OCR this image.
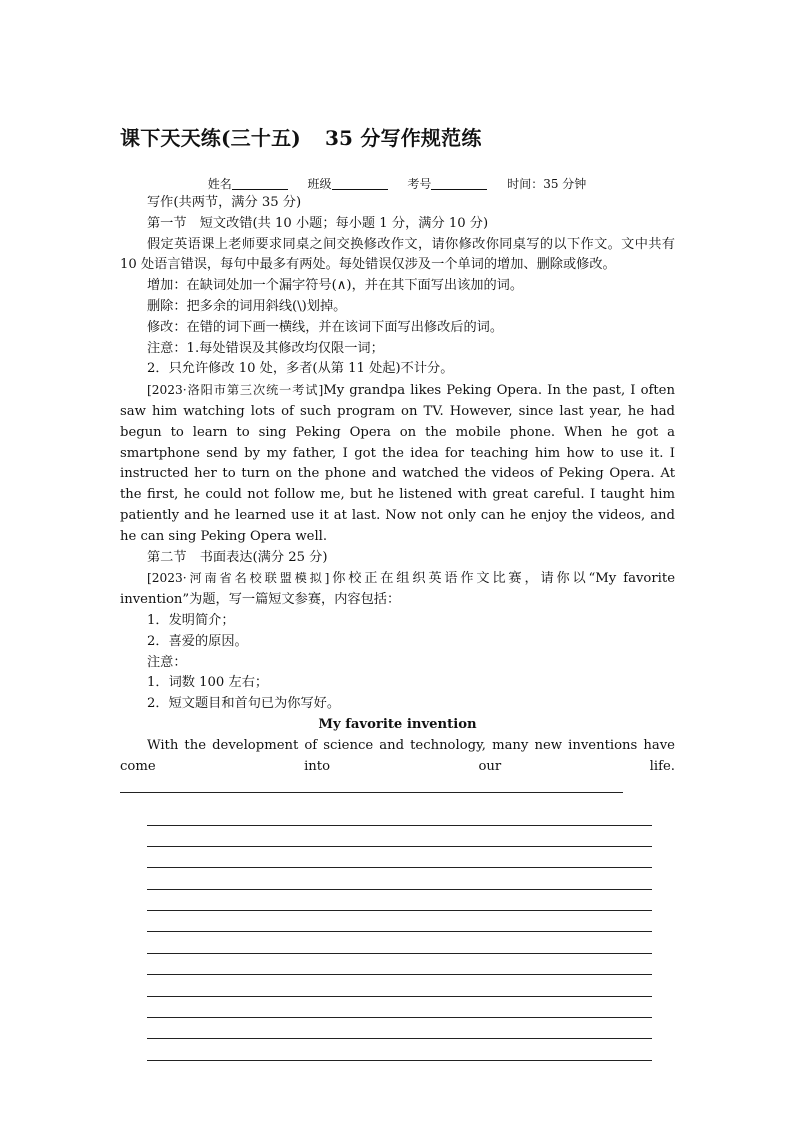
课下天天练(三十五) 35 分写作规范练
姓名	班级	考号	时间：35 分钟

写作(共两节，满分 35 分)

第一节　短文改错(共 10 小题；每小题 1 分，满分 10 分)

假定英语课上老师要求同桌之间交换修改作文，请你修改你同桌写的以下作文。文中共有 10 处语言错误，每句中最多有两处。每处错误仅涉及一个单词的增加、删除或修改。

增加：在缺词处加一个漏字符号(∧)，并在其下面写出该加的词。

删除：把多余的词用斜线(\)划掉。

修改：在错的词下画一横线，并在该词下面写出修改后的词。

注意：1.每处错误及其修改均仅限一词；

2．只允许修改 10 处，多者(从第 11 处起)不计分。

[2023·洛阳市第三次统一考试]My grandpa likes Peking Opera. In the past, I often saw him watching lots of such program on TV. However, since last year, he had begun to learn to sing Peking Opera on the mobile phone. When he got a smartphone send by my father, I got the idea for teaching him how to use it. I instructed her to turn on the phone and watched the videos of Peking Opera. At the first, he could not follow me, but he listened with great careful. I taught him patiently and he learned use it at last. Now not only can he enjoy the videos, and he can sing Peking Opera well.

第二节　书面表达(满分 25 分)

[2023·河南省名校联盟模拟]你校正在组织英语作文比赛，请你以“My favorite invention”为题，写一篇短文参赛，内容包括：

1．发明简介；

2．喜爱的原因。

注意：

1．词数 100 左右；

2．短文题目和首句已为你写好。

My favorite invention

With the development of science and technology, many new inventions have come into our life.
